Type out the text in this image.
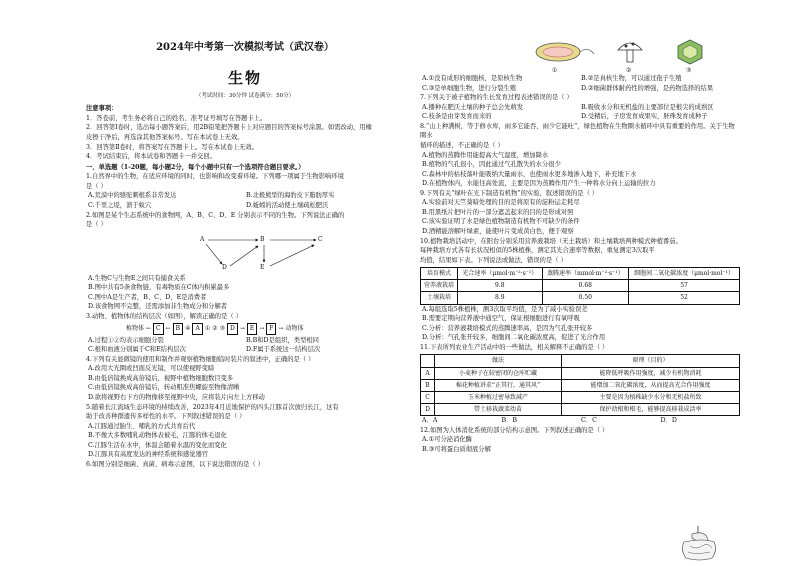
2024年中考第一次模拟考试（武汉卷）
生物
（考试时间：30分钟 试卷满分：50分）
注意事项：
1．答卷前，考生务必将自己的姓名、准考证号填写在答题卡上。
2．回答第Ⅰ卷时，选出每小题答案后，用2B铅笔把答题卡上对应题目的答案标号涂黑。如需改动，用橡
皮擦干净后，再选涂其他答案标号。写在本试卷上无效。
3．回答第Ⅱ卷时，将答案写在答题卡上。写在本试卷上无效。
4．考试结束后，将本试卷和答题卡一并交回。
一、单选题（1-20题，每小题2分，每个小题中只有一个选项符合题目要求。）
1.自然界中的生物，在适应环境的同时，也影响和改变着环境。下列哪一项属于生物影响环境
是（ ）
A.荒漠中的骆驼刺根系非常发达	B.北极熊型的海豹皮下脂肪厚实
C.千里之堤，溃于蚁穴	D.蚯蚓的活动使土壤疏松肥沃
2.如图是某个生态系统中的食物网，A、B、C、D、E 分别表示不同的生物。下列说法正确的
是（ ）
A	B	C
D	E
A.生物C与生物E之间只有捕食关系
B.图中共有5条食物链，有毒物质在C体内积累最多
C.图中A是生产者，B、C、D、E是消费者
D.该食物网不完整，还需添加非生物成分和分解者
3.动物、植物体的结构层次（如图），解读正确的是（ ）
植物体 ← C ← B ④ A ① ② ③ D → E → F → 动物体
A.过程①②均表示细胞分裂	B.B和D是组织，类型相同
C.根和血液分别属于C和E结构层次	D.F属于系统这一结构层次
4.下列有关显微镜的使用和制作并观察植物细胞临时装片的叙述中，正确的是（ ）
A.改用大光圈或凹面反光镜，可以使视野变暗
B.由低倍镜换成高倍镜后，视野中植物细胞数目变多
C.由低倍镜换成高倍镜后，转动粗准焦螺旋至物像清晰
D.欲将视野右下方的物像移至视野中央，应将装片向左上方移动
5.随着长江流域生态环境的持续改善，2023年4月近地保护的四头江豚首次放归长江，这有
助于改善种群遗传多样性的水平。下列叙述错误的是（ ）
A.江豚通过胎生、哺乳的方式共育后代
B.不像大多数哺乳动物体表被毛，江豚的体毛退化
C.江豚生活在水中，体温会随着水温的变化而变化
D.江豚具有高度发达的神经系统和感觉器官
6.如图分别是细菌、真菌、病毒示意图，以下说法错误的是（ ）
①	②	③
A.①没有成形的细胞核，是原核生物	B.②是真核生物，可以通过孢子生殖
C.③是单细胞生物，进行分裂生殖	D.②细菌群体耐药性的增强，是药物选择的结果
7.下列关于被子植物的生长发育过程表述错误的是（ ）
A.播种在肥沃土壤的种子总会先萌发	B.吸收水分和无机盐的主要部位是根尖的成熟区
C.枝条是由芽发育而来的	D.受精后，子房发育成果实，胚珠发育成种子
8.“山上种满树，等于修水库，雨多它能吞，雨少它能吐”，绿色植物在生物圈水循环中具有重要的作用。关于生物圈水
循环的描述，不正确的是（ ）
A.植物的蒸腾作用能提高大气湿度，增加降水
B.植物的气孔很小，因此通过气孔散失的水分很少
C.森林中的枯枝落叶能吸纳大量雨水，也使雨水更多地渗入地下，补充地下水
D.在植物体内，水能往高处流，主要是因为蒸腾作用产生一种将水分向上运输的拉力
9.下列有关“绿叶在光下制造有机物”的实验，叙述错误的是（ ）
A.实验前对天竺葵暗处理的目的是将原有的淀粉运走耗尽
B.用黑纸片把叶片的一部分遮盖起来的目的是形成对照
C.该实验证明了水是绿色植物制造有机物不可缺少的条件
D.酒精能溶解叶绿素，能使叶片变成黄白色，便于观察
10.植物栽培活动中，在阳台分别采用营养液栽培（无土栽培）和土壤栽培两种模式种植番茄。
每种栽培方式各有长状况相似的5株植株，测定其光合速率等数据，重复测定3次取平
均值，结果如下表。下列说法或做法，错误的是（ ）
培育模式	光合速率（μmol·m⁻²·s⁻¹）	蒸腾速率（mmol·m⁻²·s⁻¹）	细胞间二氧化碳浓度（μmol·mol⁻¹）
营养液栽培	9.8	0.68	57
土壤栽培	8.9	0.50	52
A.每组选取5株植株，测3次取平均值，是为了减小实验误差
B.需要定期向营养液中通空气，保证根细胞进行有氧呼吸
C.分析：营养液栽培模式的蒸腾速率高，是因为气孔张开较多
D.分析：气孔张开较多，细胞间二氧化碳浓度高，促进了光合作用
11.下表所列农业生产活动中的一些做法，相关解释不正确的是（ ）
	做法	原理（目的）
A	小麦种子在较密闭的仓库贮藏	能降低呼吸作用强度，减少有机物消耗
B	棉花种植讲求“正其行，通其风”	能增加二氧化碳浓度，从而提高光合作用强度
C	玉米种植过密导致减产	主要是因为植株缺少水分和无机盐所致
D	带土移栽蔬菜幼苗	保护幼根和根毛，能够提高移栽成活率
A．A	B．B	C．C	D．D
12.如图为人体消化系统的部分结构示意图。下列叙述正确的是（ ）
A.①可分泌消化酶
B.③可将蛋白质彻底分解
